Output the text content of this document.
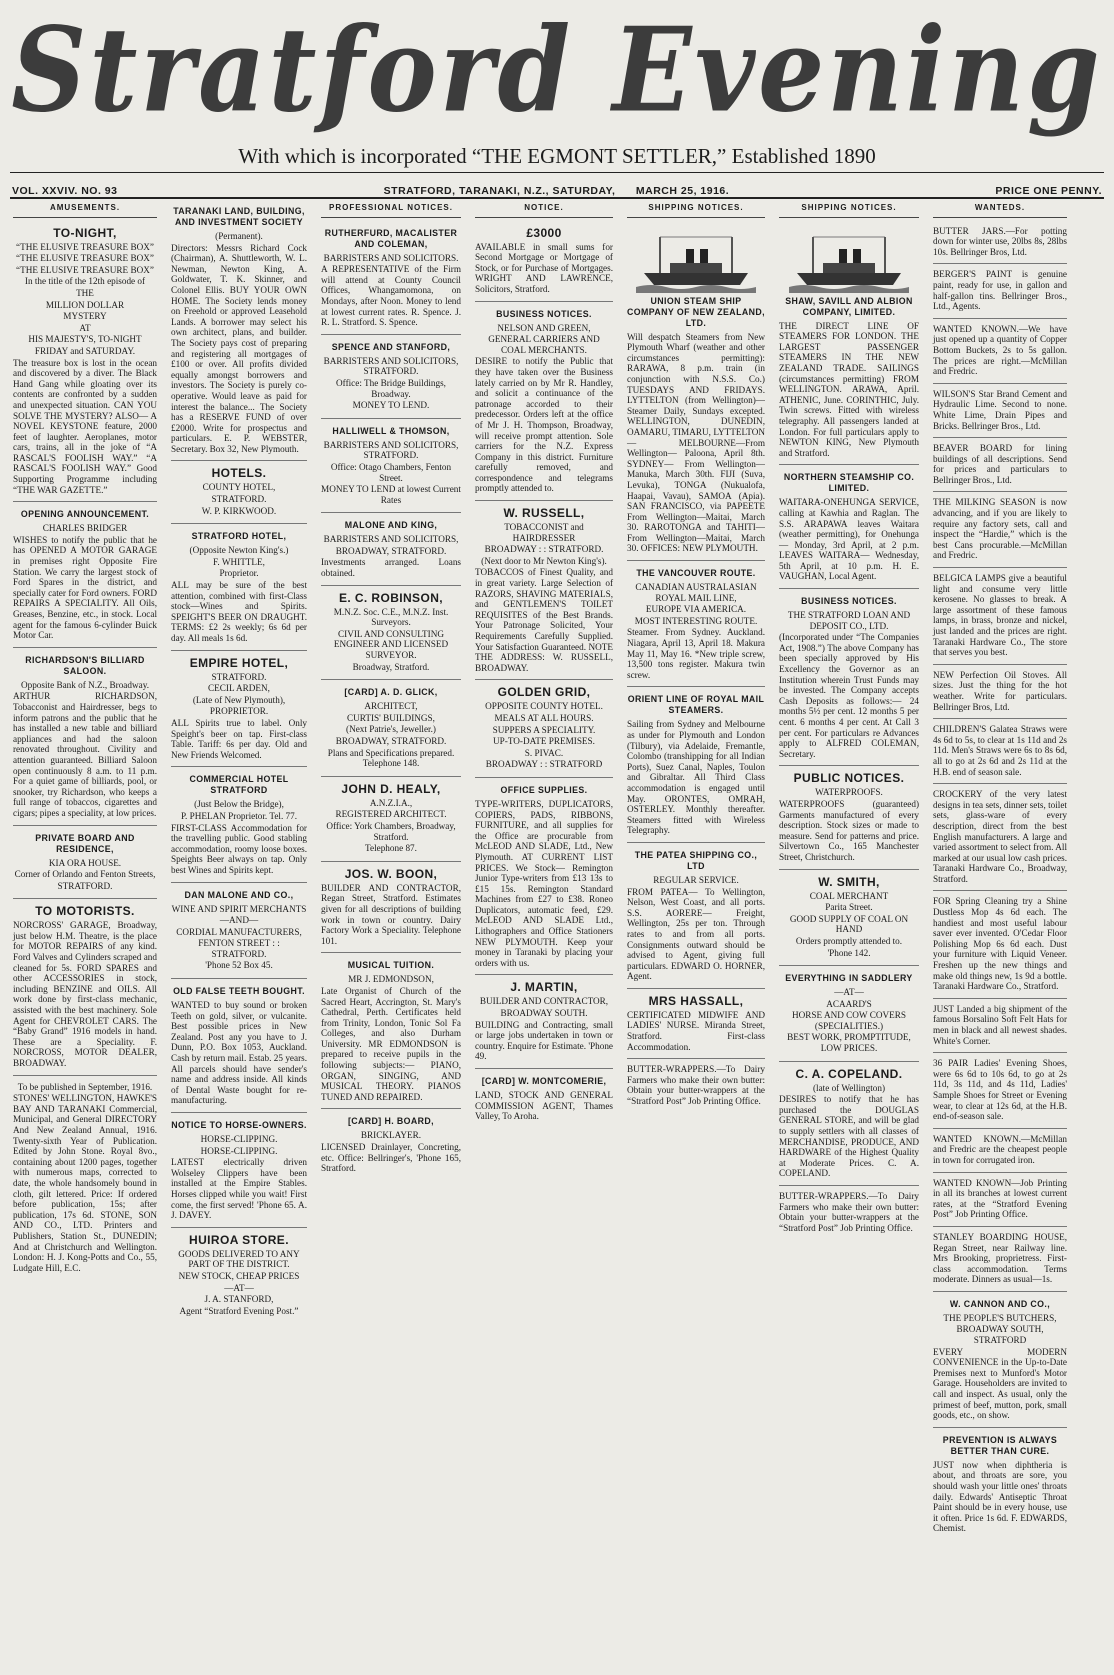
Stratford Evening
With which is incorporated “THE EGMONT SETTLER,” Established 1890
VOL. XXVIV. NO. 93	STRATFORD, TARANAKI, N.Z., SATURDAY, MARCH 25, 1916.	PRICE ONE PENNY.
AMUSEMENTS.
TO-NIGHT,
“THE ELUSIVE TREASURE BOX”
“THE ELUSIVE TREASURE BOX”
“THE ELUSIVE TREASURE BOX”
In the title of the 12th episode of
THE
MILLION DOLLAR
MYSTERY
AT
HIS MAJESTY'S, TO-NIGHT
FRIDAY and SATURDAY.
The treasure box is lost in the ocean and discovered by a diver. The Black Hand Gang while gloating over its contents are confronted by a sudden and unexpected situation. CAN YOU SOLVE THE MYSTERY? ALSO— A NOVEL KEYSTONE feature, 2000 feet of laughter. Aeroplanes, motor cars, trains, all in the joke of “A RASCAL'S FOOLISH WAY.” “A RASCAL'S FOOLISH WAY.” Good Supporting Programme including “THE WAR GAZETTE.”
OPENING ANNOUNCEMENT.
CHARLES BRIDGER
WISHES to notify the public that he has OPENED A MOTOR GARAGE in premises right Opposite Fire Station. We carry the largest stock of Ford Spares in the district, and specially cater for Ford owners. FORD REPAIRS A SPECIALITY. All Oils, Greases, Benzine, etc., in stock. Local agent for the famous 6-cylinder Buick Motor Car.
RICHARDSON'S BILLIARD SALOON.
Opposite Bank of N.Z., Broadway.
ARTHUR RICHARDSON, Tobacconist and Hairdresser, begs to inform patrons and the public that he has installed a new table and billiard appliances and had the saloon renovated throughout. Civility and attention guaranteed. Billiard Saloon open continuously 8 a.m. to 11 p.m. For a quiet game of billiards, pool, or snooker, try Richardson, who keeps a full range of tobaccos, cigarettes and cigars; pipes a speciality, at low prices.
PRIVATE BOARD AND RESIDENCE,
KIA ORA HOUSE.
Corner of Orlando and Fenton Streets,
STRATFORD.
TO MOTORISTS.
NORCROSS' GARAGE, Broadway, just below H.M. Theatre, is the place for MOTOR REPAIRS of any kind. Ford Valves and Cylinders scraped and cleaned for 5s. FORD SPARES and other ACCESSORIES in stock, including BENZINE and OILS. All work done by first-class mechanic, assisted with the best machinery. Sole Agent for CHEVROLET CARS. The “Baby Grand” 1916 models in hand. These are a Speciality. F. NORCROSS, MOTOR DEALER, BROADWAY.
To be published in September, 1916.
STONES' WELLINGTON, HAWKE'S BAY AND TARANAKI Commercial, Municipal, and General DIRECTORY And New Zealand Annual, 1916. Twenty-sixth Year of Publication. Edited by John Stone. Royal 8vo., containing about 1200 pages, together with numerous maps, corrected to date, the whole handsomely bound in cloth, gilt lettered. Price: If ordered before publication, 15s; after publication, 17s 6d. STONE, SON AND CO., LTD. Printers and Publishers, Station St., DUNEDIN; And at Christchurch and Wellington. London: H. J. Kong-Potts and Co., 55, Ludgate Hill, E.C.
TARANAKI LAND, BUILDING, AND INVESTMENT SOCIETY
(Permanent).
Directors: Messrs Richard Cock (Chairman), A. Shuttleworth, W. L. Newman, Newton King, A. Goldwater, T. K. Skinner, and Colonel Ellis. BUY YOUR OWN HOME. The Society lends money on Freehold or approved Leasehold Lands. A borrower may select his own architect, plans, and builder. The Society pays cost of preparing and registering all mortgages of £100 or over. All profits divided equally amongst borrowers and investors. The Society is purely co-operative. Would leave as paid for interest the balance... The Society has a RESERVE FUND of over £2000. Write for prospectus and particulars. E. P. WEBSTER, Secretary. Box 32, New Plymouth.
HOTELS.
COUNTY HOTEL,
STRATFORD.
W. P. KIRKWOOD.
STRATFORD HOTEL,
(Opposite Newton King's.)
F. WHITTLE,
Proprietor.
ALL may be sure of the best attention, combined with first-Class stock—Wines and Spirits. SPEIGHT'S BEER ON DRAUGHT. TERMS: £2 2s weekly; 6s 6d per day. All meals 1s 6d.
EMPIRE HOTEL,
STRATFORD.
CECIL ARDEN,
(Late of New Plymouth),
PROPRIETOR.
ALL Spirits true to label. Only Speight's beer on tap. First-class Table. Tariff: 6s per day. Old and New Friends Welcomed.
COMMERCIAL HOTEL STRATFORD
(Just Below the Bridge),
P. PHELAN Proprietor. Tel. 77.
FIRST-CLASS Accommodation for the travelling public. Good stabling accommodation, roomy loose boxes. Speights Beer always on tap. Only best Wines and Spirits kept.
DAN MALONE AND CO.,
WINE AND SPIRIT MERCHANTS
—AND—
CORDIAL MANUFACTURERS,
FENTON STREET : : STRATFORD.
'Phone 52 Box 45.
OLD FALSE TEETH BOUGHT.
WANTED to buy sound or broken Teeth on gold, silver, or vulcanite. Best possible prices in New Zealand. Post any you have to J. Dunn, P.O. Box 1053, Auckland. Cash by return mail. Estab. 25 years. All parcels should have sender's name and address inside. All kinds of Dental Waste bought for re-manufacturing.
NOTICE TO HORSE-OWNERS.
HORSE-CLIPPING.
HORSE-CLIPPING.
LATEST electrically driven Wolseley Clippers have been installed at the Empire Stables. Horses clipped while you wait! First come, the first served! 'Phone 65. A. J. DAVEY.
HUIROA STORE.
GOODS DELIVERED TO ANY PART OF THE DISTRICT.
NEW STOCK, CHEAP PRICES
—AT—
J. A. STANFORD,
Agent “Stratford Evening Post.”
PROFESSIONAL NOTICES.
RUTHERFURD, MACALISTER AND COLEMAN,
BARRISTERS AND SOLICITORS.
A REPRESENTATIVE of the Firm will attend at County Council Offices, Whangamomona, on Mondays, after Noon. Money to lend at lowest current rates. R. Spence. J. R. L. Stratford. S. Spence.
SPENCE AND STANFORD,
BARRISTERS AND SOLICITORS, STRATFORD.
Office: The Bridge Buildings, Broadway.
MONEY TO LEND.
HALLIWELL & THOMSON,
BARRISTERS AND SOLICITORS, STRATFORD.
Office: Otago Chambers, Fenton Street.
MONEY TO LEND at lowest Current Rates
MALONE AND KING,
BARRISTERS AND SOLICITORS,
BROADWAY, STRATFORD.
Investments arranged. Loans obtained.
E. C. ROBINSON,
M.N.Z. Soc. C.E., M.N.Z. Inst. Surveyors.
CIVIL AND CONSULTING ENGINEER AND LICENSED SURVEYOR.
Broadway, Stratford.
[CARD] A. D. GLICK,
ARCHITECT,
CURTIS' BUILDINGS,
(Next Patrie's, Jeweller.)
BROADWAY, STRATFORD.
Plans and Specifications prepared. Telephone 148.
JOHN D. HEALY,
A.N.Z.I.A.,
REGISTERED ARCHITECT.
Office: York Chambers, Broadway, Stratford.
Telephone 87.
JOS. W. BOON,
BUILDER AND CONTRACTOR, Regan Street, Stratford. Estimates given for all descriptions of building work in town or country. Dairy Factory Work a Speciality. Telephone 101.
MUSICAL TUITION.
MR J. EDMONDSON,
Late Organist of Church of the Sacred Heart, Accrington, St. Mary's Cathedral, Perth. Certificates held from Trinity, London, Tonic Sol Fa Colleges, and also Durham University. MR EDMONDSON is prepared to receive pupils in the following subjects:— PIANO, ORGAN, SINGING, AND MUSICAL THEORY. PIANOS TUNED AND REPAIRED.
[CARD] H. BOARD,
BRICKLAYER.
LICENSED Drainlayer, Concreting, etc. Office: Bellringer's, 'Phone 165, Stratford.
NOTICE.
£3000
AVAILABLE in small sums for Second Mortgage or Mortgage of Stock, or for Purchase of Mortgages. WRIGHT AND LAWRENCE, Solicitors, Stratford.
BUSINESS NOTICES.
NELSON AND GREEN,
GENERAL CARRIERS AND COAL MERCHANTS.
DESIRE to notify the Public that they have taken over the Business lately carried on by Mr R. Handley, and solicit a continuance of the patronage accorded to their predecessor. Orders left at the office of Mr J. H. Thompson, Broadway, will receive prompt attention. Sole carriers for the N.Z. Express Company in this district. Furniture carefully removed, and correspondence and telegrams promptly attended to.
W. RUSSELL,
TOBACCONIST and HAIRDRESSER
BROADWAY : : STRATFORD.
(Next door to Mr Newton King's).
TOBACCOS of Finest Quality, and in great variety. Large Selection of RAZORS, SHAVING MATERIALS, and GENTLEMEN'S TOILET REQUISITES of the Best Brands. Your Patronage Solicited, Your Requirements Carefully Supplied. Your Satisfaction Guaranteed. NOTE THE ADDRESS: W. RUSSELL, BROADWAY.
GOLDEN GRID,
OPPOSITE COUNTY HOTEL.
MEALS AT ALL HOURS.
SUPPERS A SPECIALITY.
UP-TO-DATE PREMISES.
S. PIVAC.
BROADWAY : : STRATFORD
OFFICE SUPPLIES.
TYPE-WRITERS, DUPLICATORS, COPIERS, PADS, RIBBONS, FURNITURE, and all supplies for the Office are procurable from McLEOD AND SLADE, Ltd., New Plymouth. AT CURRENT LIST PRICES. We Stock— Remington Junior Type-writers from £13 13s to £15 15s. Remington Standard Machines from £27 to £38. Roneo Duplicators, automatic feed, £29. McLEOD AND SLADE Ltd., Lithographers and Office Stationers NEW PLYMOUTH. Keep your money in Taranaki by placing your orders with us.
J. MARTIN,
BUILDER AND CONTRACTOR,
BROADWAY SOUTH.
BUILDING and Contracting, small or large jobs undertaken in town or country. Enquire for Estimate. 'Phone 49.
[CARD] W. MONTCOMERIE,
LAND, STOCK AND GENERAL COMMISSION AGENT, Thames Valley, To Aroha.
SHIPPING NOTICES.
UNION STEAM SHIP COMPANY OF NEW ZEALAND, LTD.
Will despatch Steamers from New Plymouth Wharf (weather and other circumstances permitting): RARAWA, 8 p.m. train (in conjunction with N.S.S. Co.) TUESDAYS AND FRIDAYS. LYTTELTON (from Wellington)— Steamer Daily, Sundays excepted. WELLINGTON, DUNEDIN, OAMARU, TIMARU, LYTTELTON— MELBOURNE—From Wellington— Paloona, April 8th. SYDNEY— From Wellington—Manuka, March 30th. FIJI (Suva, Levuka), TONGA (Nukualofa, Haapai, Vavau), SAMOA (Apia). SAN FRANCISCO, via PAPEETE From Wellington—Maitai, March 30. RAROTONGA and TAHITI— From Wellington—Maitai, March 30. OFFICES: NEW PLYMOUTH.
THE VANCOUVER ROUTE.
CANADIAN AUSTRALASIAN ROYAL MAIL LINE,
EUROPE VIA AMERICA.
MOST INTERESTING ROUTE.
Steamer. From Sydney. Auckland. Niagara, April 13, April 18. Makura May 11, May 16. *New triple screw, 13,500 tons register. Makura twin screw.
ORIENT LINE OF ROYAL MAIL STEAMERS.
Sailing from Sydney and Melbourne as under for Plymouth and London (Tilbury), via Adelaide, Fremantle, Colombo (transhipping for all Indian Ports), Suez Canal, Naples, Toulon and Gibraltar. All Third Class accommodation is engaged until May. ORONTES, OMRAH, OSTERLEY. Monthly thereafter. Steamers fitted with Wireless Telegraphy.
THE PATEA SHIPPING CO., LTD
REGULAR SERVICE.
FROM PATEA— To Wellington, Nelson, West Coast, and all ports. S.S. AORERE— Freight, Wellington, 25s per ton. Through rates to and from all ports. Consignments outward should be advised to Agent, giving full particulars. EDWARD O. HORNER, Agent.
MRS HASSALL,
CERTIFICATED MIDWIFE AND LADIES' NURSE. Miranda Street, Stratford. First-class Accommodation.
BUTTER-WRAPPERS.—To Dairy Farmers who make their own butter: Obtain your butter-wrappers at the “Stratford Post” Job Printing Office.
SHIPPING NOTICES.
SHAW, SAVILL AND ALBION COMPANY, LIMITED.
THE DIRECT LINE OF STEAMERS FOR LONDON. THE LARGEST PASSENGER STEAMERS IN THE NEW ZEALAND TRADE. SAILINGS (circumstances permitting) FROM WELLINGTON. ARAWA, April. ATHENIC, June. CORINTHIC, July. Twin screws. Fitted with wireless telegraphy. All passengers landed at London. For full particulars apply to NEWTON KING, New Plymouth and Stratford.
NORTHERN STEAMSHIP CO. LIMITED.
WAITARA-ONEHUNGA SERVICE, calling at Kawhia and Raglan. The S.S. ARAPAWA leaves Waitara (weather permitting), for Onehunga— Monday, 3rd April, at 2 p.m. LEAVES WAITARA— Wednesday, 5th April, at 10 p.m. H. E. VAUGHAN, Local Agent.
BUSINESS NOTICES.
THE STRATFORD LOAN AND DEPOSIT CO., LTD.
(Incorporated under “The Companies Act, 1908.”) The above Company has been specially approved by His Excellency the Governor as an Institution wherein Trust Funds may be invested. The Company accepts Cash Deposits as follows:— 24 months 5½ per cent. 12 months 5 per cent. 6 months 4 per cent. At Call 3 per cent. For particulars re Advances apply to ALFRED COLEMAN, Secretary.
PUBLIC NOTICES.
WATERPROOFS.
WATERPROOFS (guaranteed) Garments manufactured of every description. Stock sizes or made to measure. Send for patterns and price. Silvertown Co., 165 Manchester Street, Christchurch.
W. SMITH,
COAL MERCHANT
Parita Street.
GOOD SUPPLY OF COAL ON HAND
Orders promptly attended to.
'Phone 142.
EVERYTHING IN SADDLERY
—AT—
ACAARD'S
HORSE AND COW COVERS (SPECIALITIES.)
BEST WORK, PROMPTITUDE, LOW PRICES.
C. A. COPELAND.
(late of Wellington)
DESIRES to notify that he has purchased the DOUGLAS GENERAL STORE, and will be glad to supply settlers with all classes of MERCHANDISE, PRODUCE, AND HARDWARE of the Highest Quality at Moderate Prices. C. A. COPELAND.
BUTTER-WRAPPERS.—To Dairy Farmers who make their own butter: Obtain your butter-wrappers at the “Stratford Post” Job Printing Office.
WANTEDS.
BUTTER JARS.—For potting down for winter use, 20lbs 8s, 28lbs 10s. Bellringer Bros, Ltd.
BERGER'S PAINT is genuine paint, ready for use, in gallon and half-gallon tins. Bellringer Bros., Ltd., Agents.
WANTED KNOWN.—We have just opened up a quantity of Copper Bottom Buckets, 2s to 5s gallon. The prices are right.—McMillan and Fredric.
WILSON'S Star Brand Cement and Hydraulic Lime. Second to none. White Lime, Drain Pipes and Bricks. Bellringer Bros., Ltd.
BEAVER BOARD for lining buildings of all descriptions. Send for prices and particulars to Bellringer Bros., Ltd.
THE MILKING SEASON is now advancing, and if you are likely to require any factory sets, call and inspect the “Hardie,” which is the best Cans procurable.—McMillan and Fredric.
BELGICA LAMPS give a beautiful light and consume very little kerosene. No glasses to break. A large assortment of these famous lamps, in brass, bronze and nickel, just landed and the prices are right. Taranaki Hardware Co., The store that serves you best.
NEW Perfection Oil Stoves. All sizes. Just the thing for the hot weather. Write for particulars. Bellringer Bros, Ltd.
CHILDREN'S Galatea Straws were 4s 6d to 5s, to clear at 1s 11d and 2s 11d. Men's Straws were 6s to 8s 6d, all to go at 2s 6d and 2s 11d at the H.B. end of season sale.
CROCKERY of the very latest designs in tea sets, dinner sets, toilet sets, glass-ware of every description, direct from the best English manufacturers. A large and varied assortment to select from. All marked at our usual low cash prices. Taranaki Hardware Co., Broadway, Stratford.
FOR Spring Cleaning try a Shine Dustless Mop 4s 6d each. The handiest and most useful labour saver ever invented. O'Cedar Floor Polishing Mop 6s 6d each. Dust your furniture with Liquid Veneer. Freshen up the new things and make old things new, 1s 9d a bottle. Taranaki Hardware Co., Stratford.
JUST Landed a big shipment of the famous Borsalino Soft Felt Hats for men in black and all newest shades. White's Corner.
36 PAIR Ladies' Evening Shoes, were 6s 6d to 10s 6d, to go at 2s 11d, 3s 11d, and 4s 11d, Ladies' Sample Shoes for Street or Evening wear, to clear at 12s 6d, at the H.B. end-of-season sale.
WANTED KNOWN.—McMillan and Fredric are the cheapest people in town for corrugated iron.
WANTED KNOWN—Job Printing in all its branches at lowest current rates, at the “Stratford Evening Post” Job Printing Office.
STANLEY BOARDING HOUSE, Regan Street, near Railway line. Mrs Brooking, proprietress. First-class accommodation. Terms moderate. Dinners as usual—1s.
W. CANNON AND CO.,
THE PEOPLE'S BUTCHERS,
BROADWAY SOUTH, STRATFORD
EVERY MODERN CONVENIENCE in the Up-to-Date Premises next to Munford's Motor Garage. Householders are invited to call and inspect. As usual, only the primest of beef, mutton, pork, small goods, etc., on show.
PREVENTION IS ALWAYS BETTER THAN CURE.
JUST now when diphtheria is about, and throats are sore, you should wash your little ones' throats daily. Edwards' Antiseptic Throat Paint should be in every house, use it often. Price 1s 6d. F. EDWARDS, Chemist.
